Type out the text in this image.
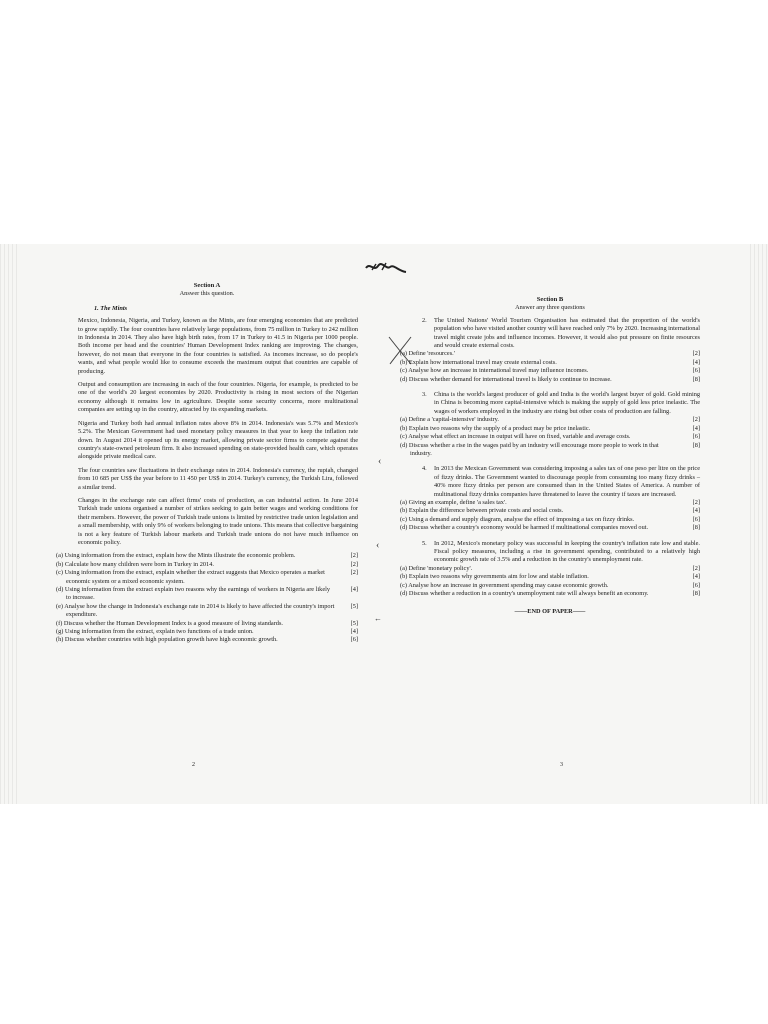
‹
‹
←
Section A
Answer this question.
1. The Mints

Mexico, Indonesia, Nigeria, and Turkey, known as the Mints, are four emerging economies that are predicted to grow rapidly. The four countries have relatively large populations, from 75 million in Turkey to 242 million in Indonesia in 2014. They also have high birth rates, from 17 in Turkey to 41.5 in Nigeria per 1000 people. Both income per head and the countries' Human Development Index ranking are improving. The changes, however, do not mean that everyone in the four countries is satisfied. As incomes increase, so do people's wants, and what people would like to consume exceeds the maximum output that countries are capable of producing.

Output and consumption are increasing in each of the four countries. Nigeria, for example, is predicted to be one of the world's 20 largest economies by 2020. Productivity is rising in most sectors of the Nigerian economy although it remains low in agriculture. Despite some security concerns, more multinational companies are setting up in the country, attracted by its expanding markets.

Nigeria and Turkey both had annual inflation rates above 8% in 2014. Indonesia's was 5.7% and Mexico's 5.2%. The Mexican Government had used monetary policy measures in that year to keep the inflation rate down. In August 2014 it opened up its energy market, allowing private sector firms to compete against the country's state-owned petroleum firm. It also increased spending on state-provided health care, which operates alongside private medical care.

The four countries saw fluctuations in their exchange rates in 2014. Indonesia's currency, the rupiah, changed from 10 685 per US$ the year before to 11 450 per US$ in 2014. Turkey's currency, the Turkish Lira, followed a similar trend.

Changes in the exchange rate can affect firms' costs of production, as can industrial action. In June 2014 Turkish trade unions organised a number of strikes seeking to gain better wages and working conditions for their members. However, the power of Turkish trade unions is limited by restrictive trade union legislation and a small membership, with only 9% of workers belonging to trade unions. This means that collective bargaining is not a key feature of Turkish labour markets and Turkish trade unions do not have much influence on economic policy.

(a) Using information from the extract, explain how the Mints illustrate the economic problem.	[2]
(b) Calculate how many children were born in Turkey in 2014.	[2]
(c) Using information from the extract, explain whether the extract suggests that Mexico operates a market economic system or a mixed economic system.
[2]
(d) Using information from the extract explain two reasons why the earnings of workers in Nigeria are likely to increase.
[4]
(e) Analyse how the change in Indonesia's exchange rate in 2014 is likely to have affected the country's import expenditure.
[5]
(f) Discuss whether the Human Development Index is a good measure of living standards.	[5]
(g) Using information from the extract, explain two functions of a trade union.	[4]
(h) Discuss whether countries with high population growth have high economic growth.	[6]
2
Section B
Answer any three questions
2.	The United Nations' World Tourism Organisation has estimated that the proportion of the world's population who have visited another country will have reached only 7% by 2020. Increasing international travel might create jobs and influence incomes. However, it would also put pressure on finite resources and would create external costs.
(a) Define 'resources.'	[2]
(b) Explain how international travel may create external costs.	[4]
(c) Analyse how an increase in international travel may influence incomes.	[6]
(d) Discuss whether demand for international travel is likely to continue to increase.	[8]
3.	China is the world's largest producer of gold and India is the world's largest buyer of gold. Gold mining in China is becoming more capital-intensive which is making the supply of gold less price inelastic. The wages of workers employed in the industry are rising but other costs of production are falling.
(a) Define a 'capital-intensive' industry.	[2]
(b) Explain two reasons why the supply of a product may be price inelastic.	[4]
(c) Analyse what effect an increase in output will have on fixed, variable and average costs.	[6]
(d) Discuss whether a rise in the wages paid by an industry will encourage more people to work in that industry.
[8]
4.	In 2013 the Mexican Government was considering imposing a sales tax of one peso per litre on the price of fizzy drinks. The Government wanted to discourage people from consuming too many fizzy drinks – 40% more fizzy drinks per person are consumed than in the United States of America. A number of multinational fizzy drinks companies have threatened to leave the country if taxes are increased.
(a) Giving an example, define 'a sales tax'.	[2]
(b) Explain the difference between private costs and social costs.	[4]
(c) Using a demand and supply diagram, analyse the effect of imposing a tax on fizzy drinks.	[6]
(d) Discuss whether a country's economy would be harmed if multinational companies moved out.	[8]
5.	In 2012, Mexico's monetary policy was successful in keeping the country's inflation rate low and stable. Fiscal policy measures, including a rise in government spending, contributed to a relatively high economic growth rate of 3.5% and a reduction in the country's unemployment rate.
(a) Define 'monetary policy'.	[2]
(b) Explain two reasons why governments aim for low and stable inflation.	[4]
(c) Analyse how an increase in government spending may cause economic growth.	[6]
(d) Discuss whether a reduction in a country's unemployment rate will always benefit an economy.	[8]
——END OF PAPER——
3
